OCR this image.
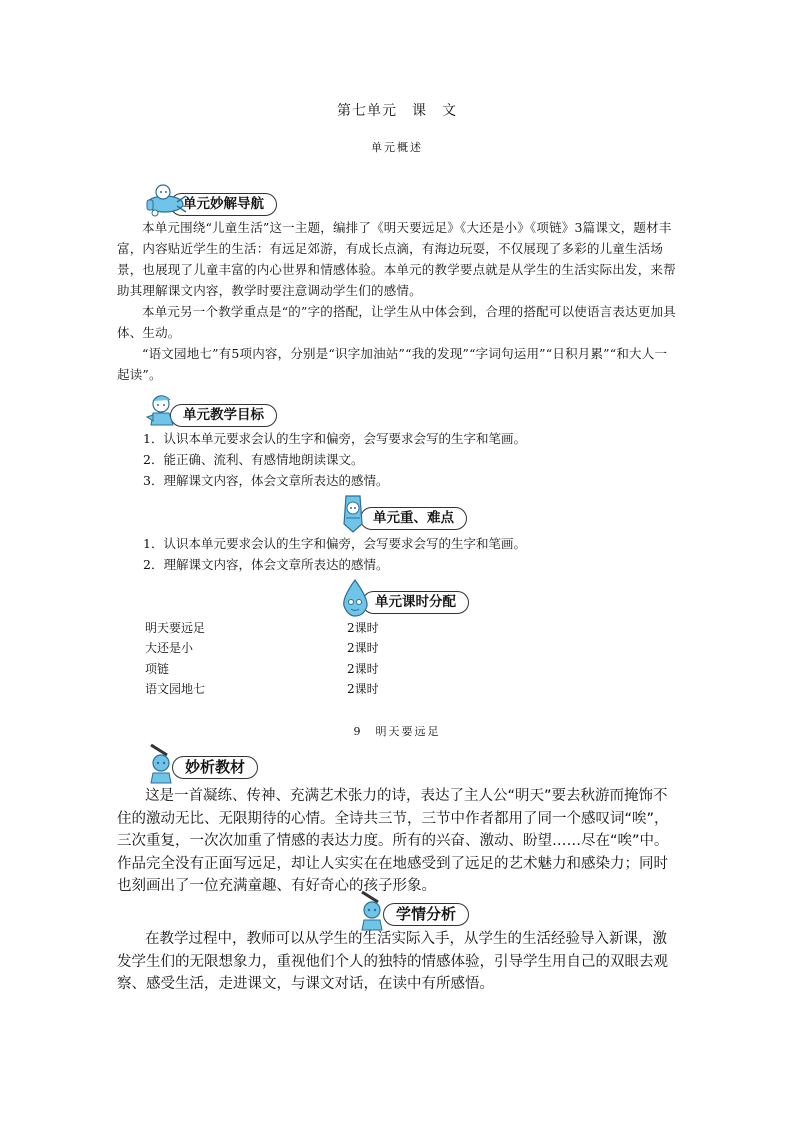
第七单元　课　文
单元概述
单元妙解导航

本单元围绕“儿童生活”这一主题，编排了《明天要远足》《大还是小》《项链》3篇课文，题材丰富，内容贴近学生的生活：有远足郊游，有成长点滴，有海边玩耍，不仅展现了多彩的儿童生活场景，也展现了儿童丰富的内心世界和情感体验。本单元的教学要点就是从学生的生活实际出发，来帮助其理解课文内容，教学时要注意调动学生们的感情。

本单元另一个教学重点是“的”字的搭配，让学生从中体会到，合理的搭配可以使语言表达更加具体、生动。

“语文园地七”有5项内容，分别是“识字加油站”“我的发现”“字词句运用”“日积月累”“和大人一起读”。

单元教学目标
1．认识本单元要求会认的生字和偏旁，会写要求会写的生字和笔画。
2．能正确、流利、有感情地朗读课文。
3．理解课文内容，体会文章所表达的感情。
单元重、难点
1．认识本单元要求会认的生字和偏旁，会写要求会写的生字和笔画。
2．理解课文内容，体会文章所表达的感情。
单元课时分配
明天要远足	2课时
大还是小	2课时
项链	2课时
语文园地七	2课时
9　明天要远足
妙析教材

这是一首凝练、传神、充满艺术张力的诗，表达了主人公“明天”要去秋游而掩饰不住的激动无比、无限期待的心情。全诗共三节，三节中作者都用了同一个感叹词“唉”，三次重复，一次次加重了情感的表达力度。所有的兴奋、激动、盼望……尽在“唉”中。作品完全没有正面写远足，却让人实实在在地感受到了远足的艺术魅力和感染力；同时也刻画出了一位充满童趣、有好奇心的孩子形象。

学情分析

在教学过程中，教师可以从学生的生活实际入手，从学生的生活经验导入新课，激发学生们的无限想象力，重视他们个人的独特的情感体验，引导学生用自己的双眼去观察、感受生活，走进课文，与课文对话，在读中有所感悟。
